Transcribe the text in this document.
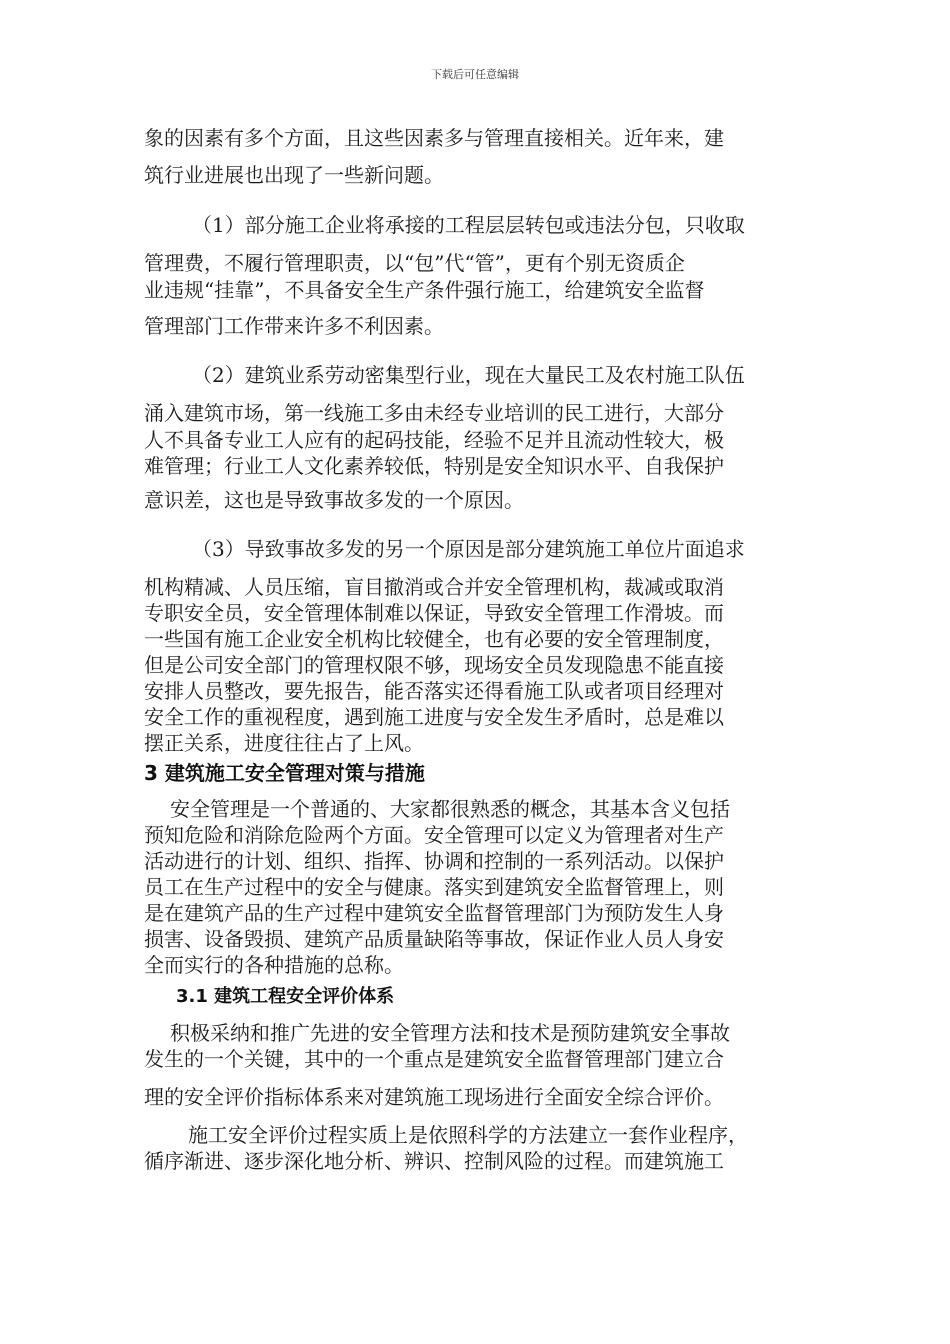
下载后可任意编辑
象的因素有多个方面，且这些因素多与管理直接相关。近年来，建
筑行业进展也出现了一些新问题。
（1）部分施工企业将承接的工程层层转包或违法分包，只收取
管理费，不履行管理职责，以“包”代“管”，更有个别无资质企
业违规“挂靠”，不具备安全生产条件强行施工，给建筑安全监督
管理部门工作带来许多不利因素。
（2）建筑业系劳动密集型行业，现在大量民工及农村施工队伍
涌入建筑市场，第一线施工多由未经专业培训的民工进行，大部分
人不具备专业工人应有的起码技能，经验不足并且流动性较大，极
难管理；行业工人文化素养较低，特别是安全知识水平、自我保护
意识差，这也是导致事故多发的一个原因。
（3）导致事故多发的另一个原因是部分建筑施工单位片面追求
机构精减、人员压缩，盲目撤消或合并安全管理机构，裁减或取消
专职安全员，安全管理体制难以保证，导致安全管理工作滑坡。而
一些国有施工企业安全机构比较健全，也有必要的安全管理制度，
但是公司安全部门的管理权限不够，现场安全员发现隐患不能直接
安排人员整改，要先报告，能否落实还得看施工队或者项目经理对
安全工作的重视程度，遇到施工进度与安全发生矛盾时，总是难以
摆正关系，进度往往占了上风。
3 建筑施工安全管理对策与措施
安全管理是一个普通的、大家都很熟悉的概念，其基本含义包括
预知危险和消除危险两个方面。安全管理可以定义为管理者对生产
活动进行的计划、组织、指挥、协调和控制的一系列活动。以保护
员工在生产过程中的安全与健康。落实到建筑安全监督管理上，则
是在建筑产品的生产过程中建筑安全监督管理部门为预防发生人身
损害、设备毁损、建筑产品质量缺陷等事故，保证作业人员人身安
全而实行的各种措施的总称。
3.1 建筑工程安全评价体系
积极采纳和推广先进的安全管理方法和技术是预防建筑安全事故
发生的一个关键，其中的一个重点是建筑安全监督管理部门建立合
理的安全评价指标体系来对建筑施工现场进行全面安全综合评价。
施工安全评价过程实质上是依照科学的方法建立一套作业程序，
循序渐进、逐步深化地分析、辨识、控制风险的过程。而建筑施工
